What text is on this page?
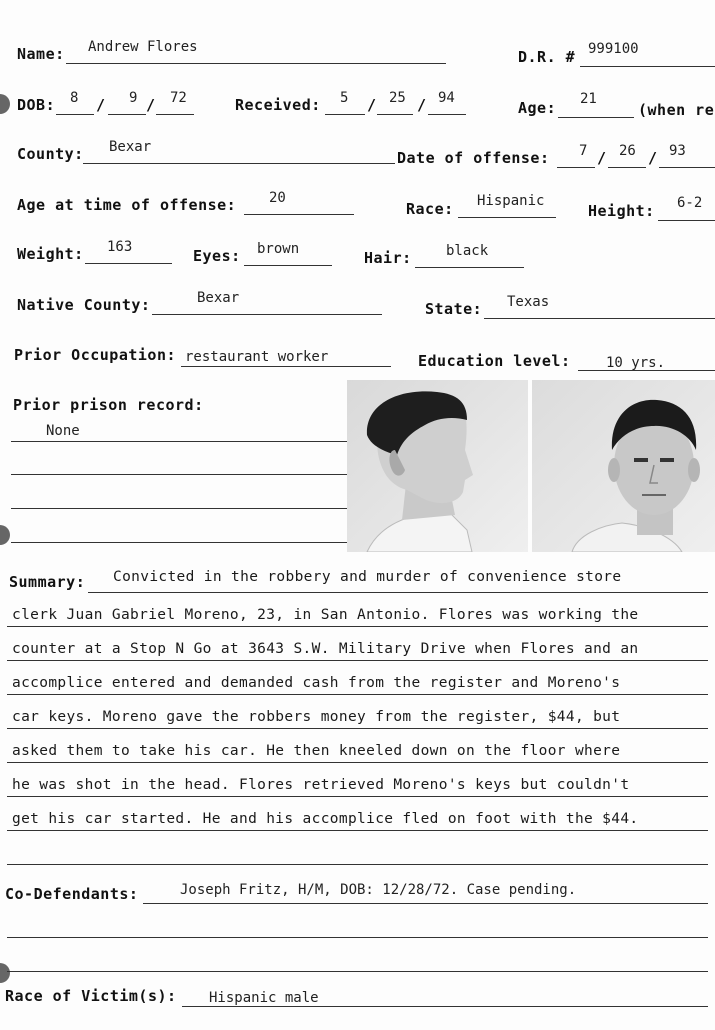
Name: Andrew Flores
D.R. # 999100
DOB: 8 / 9 / 72	Received: 5 / 25 / 94
Age: 21
(when re
County: Bexar
Date of offense: 7 / 26 / 93
Age at time of offense: 20
Race: Hispanic
Height: 6-2
Weight: 163	Eyes: brown	Hair: black
Native County:	Bexar
State: Texas
Prior Occupation: restaurant worker	Education level:	10 yrs.
Prior prison record:
None
Summary: Convicted in the robbery and murder of convenience store
clerk Juan Gabriel Moreno, 23, in San Antonio. Flores was working the
counter at a Stop N Go at 3643 S.W. Military Drive when Flores and an
accomplice entered and demanded cash from the register and Moreno's
car keys. Moreno gave the robbers money from the register, $44, but
asked them to take his car. He then kneeled down on the floor where
he was shot in the head. Flores retrieved Moreno's keys but couldn't
get his car started. He and his accomplice fled on foot with the $44.
Co-Defendants:	Joseph Fritz, H/M, DOB: 12/28/72. Case pending.
Race of Victim(s): Hispanic male
